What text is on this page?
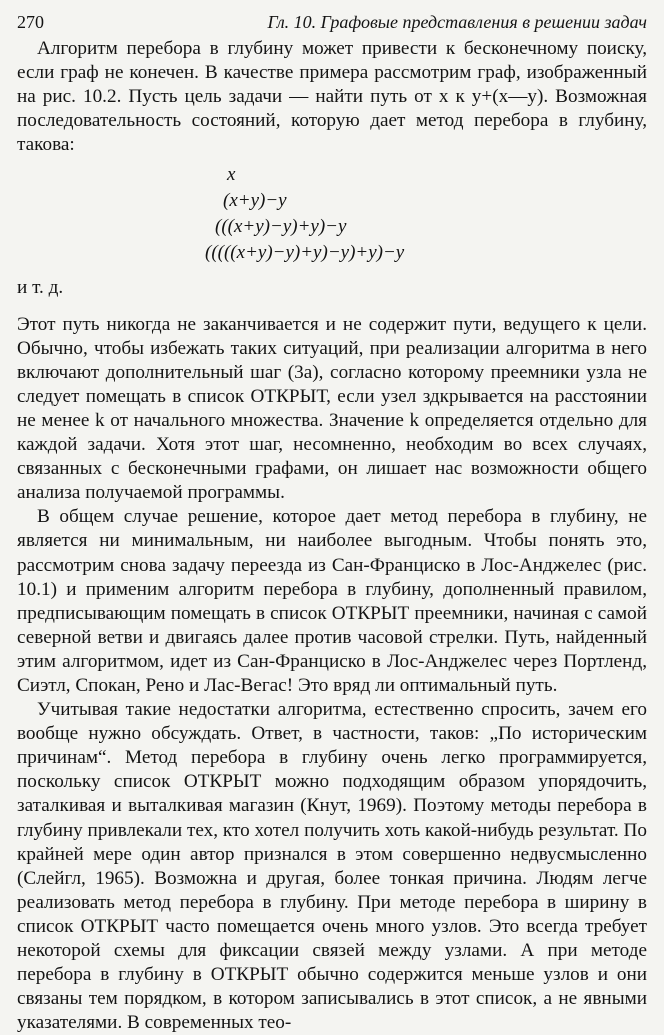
270	Гл. 10. Графовые представления в решении задач

Алгоритм перебора в глубину может привести к бесконечному поиску, если граф не конечен. В качестве примера рассмотрим граф, изображенный на рис. 10.2. Пусть цель задачи — найти путь от x к y+(x—y). Возможная последовательность состояний, которую дает метод перебора в глубину, такова:

x
(x+y)−y
(((x+y)−y)+y)−y
(((((x+y)−y)+y)−y)+y)−y

и т. д.

Этот путь никогда не заканчивается и не содержит пути, ведущего к цели. Обычно, чтобы избежать таких ситуаций, при реализации алгоритма в него включают дополнительный шаг (3а), согласно которому преемники узла не следует помещать в список ОТКРЫТ, если узел здкрывается на расстоянии не менее k от начального множества. Значение k определяется отдельно для каждой задачи. Хотя этот шаг, несомненно, необходим во всех случаях, связанных с бесконечными графами, он лишает нас возможности общего анализа получаемой программы.

В общем случае решение, которое дает метод перебора в глубину, не является ни минимальным, ни наиболее выгодным. Чтобы понять это, рассмотрим снова задачу переезда из Сан-Франциско в Лос-Анджелес (рис. 10.1) и применим алгоритм перебора в глубину, дополненный правилом, предписывающим помещать в список ОТКРЫТ преемники, начиная с самой северной ветви и двигаясь далее против часовой стрелки. Путь, найденный этим алгоритмом, идет из Сан-Франциско в Лос-Анджелес через Портленд, Сиэтл, Спокан, Рено и Лас-Вегас! Это вряд ли оптимальный путь.

Учитывая такие недостатки алгоритма, естественно спросить, зачем его вообще нужно обсуждать. Ответ, в частности, таков: „По историческим причинам“. Метод перебора в глубину очень легко программируется, поскольку список ОТКРЫТ можно подходящим образом упорядочить, заталкивая и выталкивая магазин (Кнут, 1969). Поэтому методы перебора в глубину привлекали тех, кто хотел получить хоть какой-нибудь результат. По крайней мере один автор признался в этом совершенно недвусмысленно (Слейгл, 1965). Возможна и другая, более тонкая причина. Людям легче реализовать метод перебора в глубину. При методе перебора в ширину в список ОТКРЫТ часто помещается очень много узлов. Это всегда требует некоторой схемы для фиксации связей между узлами. А при методе перебора в глубину в ОТКРЫТ обычно содержится меньше узлов и они связаны тем порядком, в котором записывались в этот список, а не явными указателями. В современных тео-
